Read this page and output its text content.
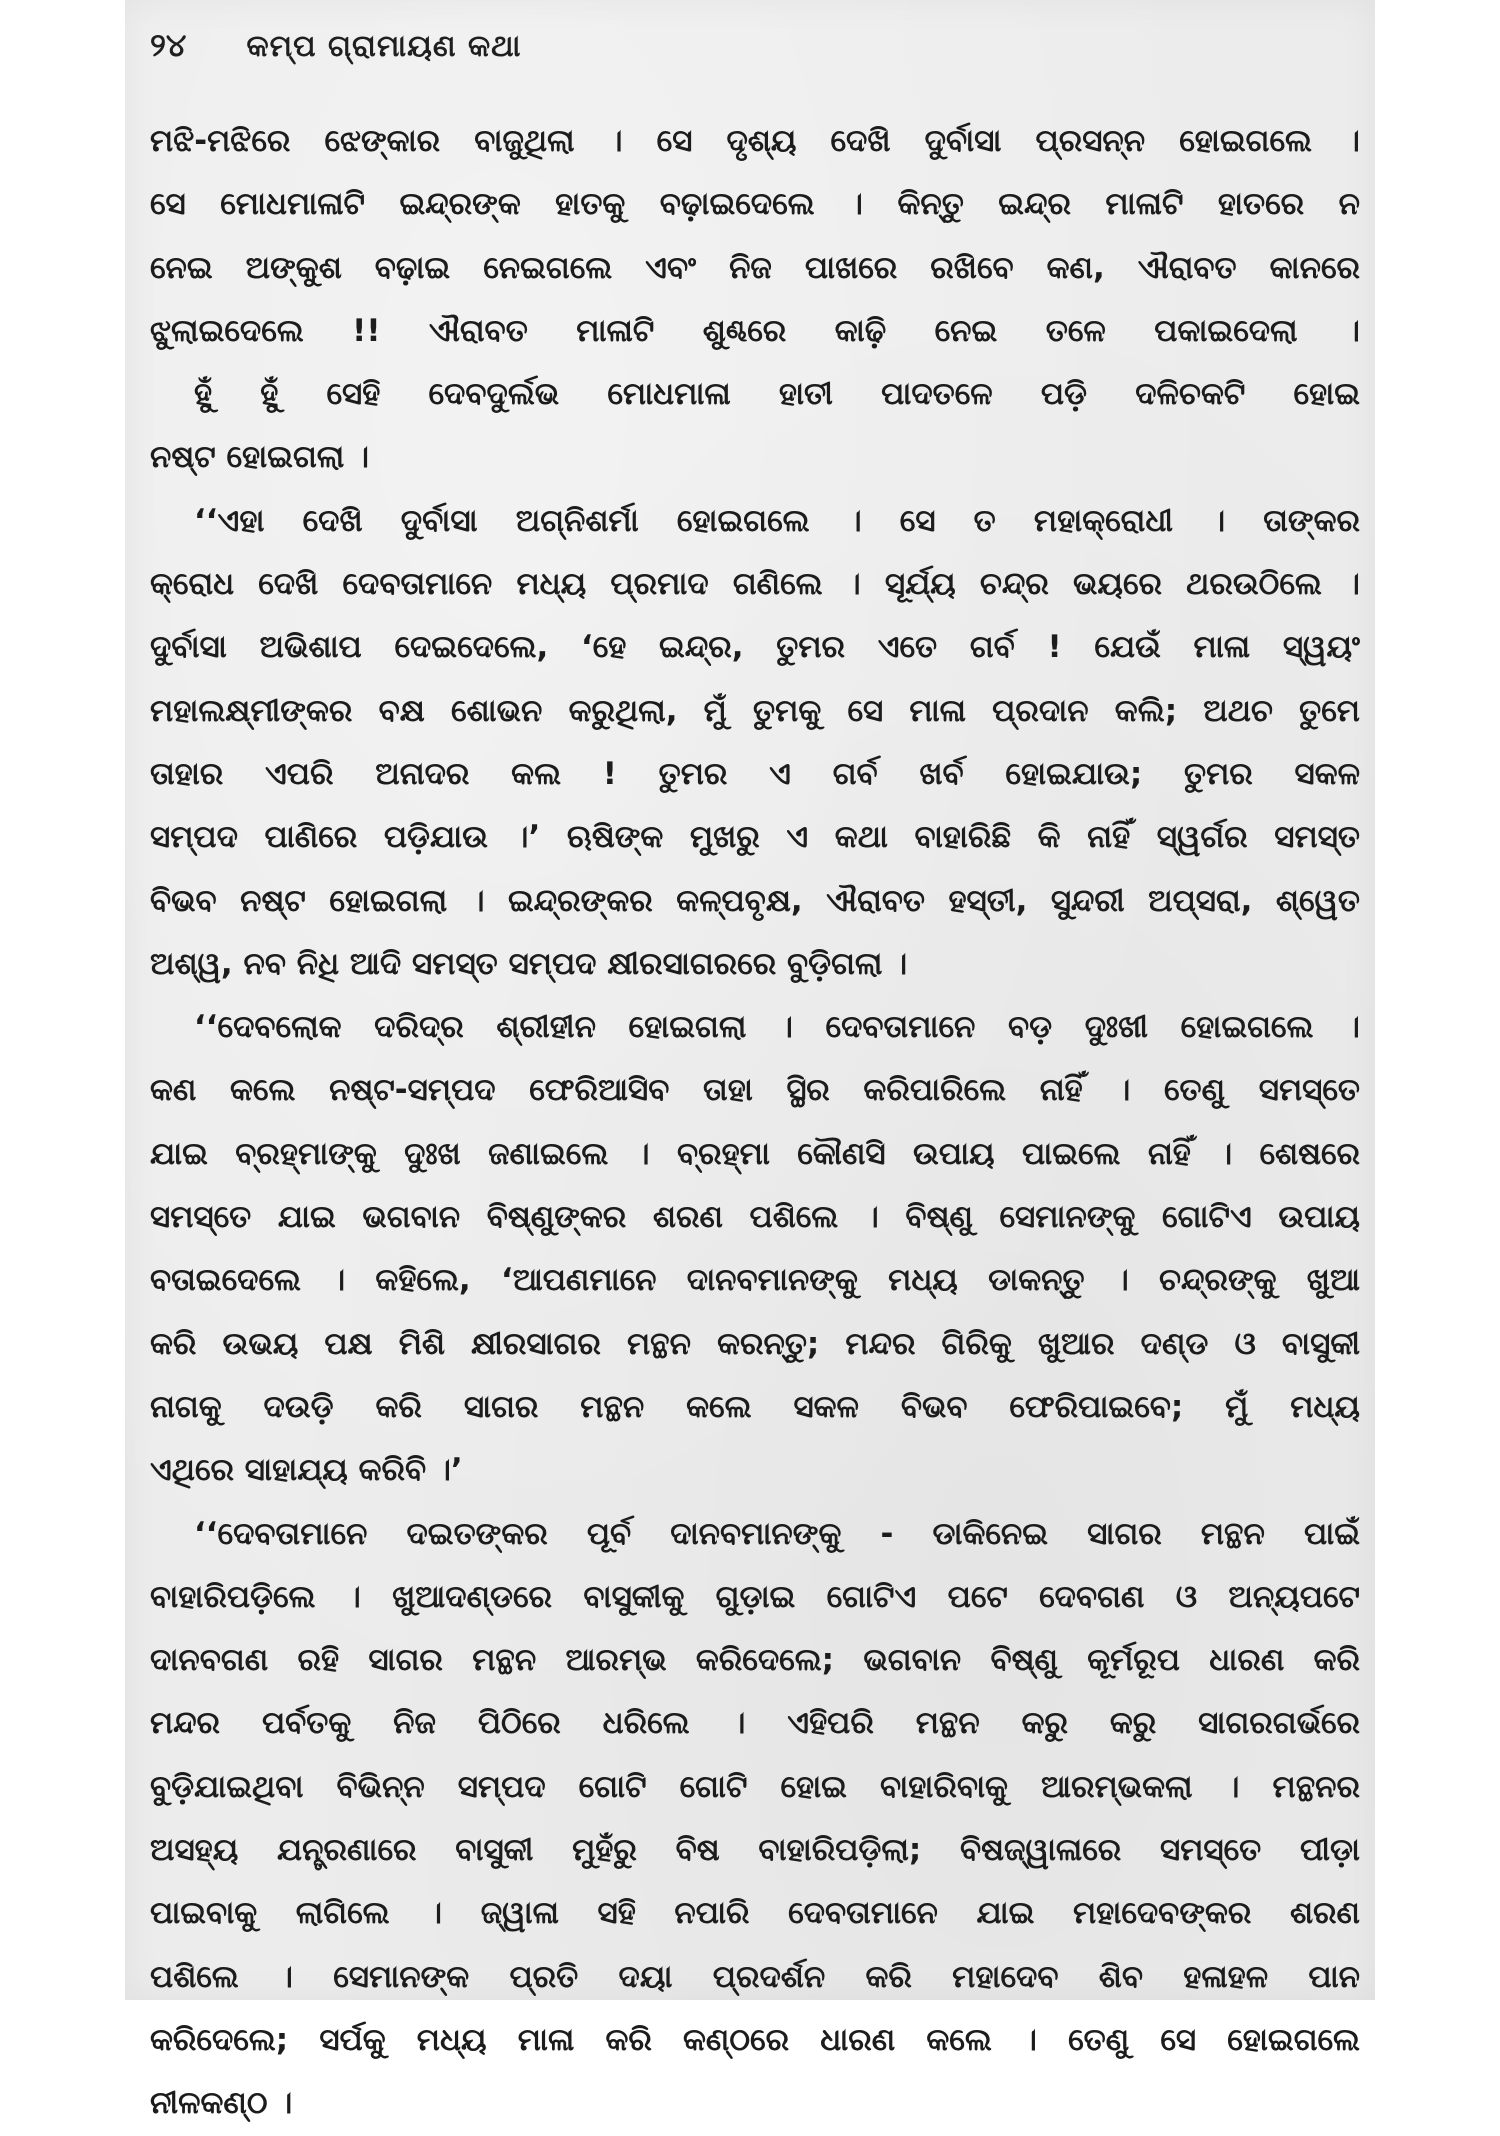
୨୪ କମ୍ପ ଗ୍ରାମାୟଣ କଥା
ମଝି-ମଝିରେ ଝେଙ୍କାର ବାଜୁଥିଲା । ସେ ଦୃଶ୍ୟ ଦେଖି ଦୁର୍ବାସା ପ୍ରସନ୍ନ ହୋଇଗଲେ ।
ସେ ମୋଧମାଳାଟି ଇନ୍ଦ୍ରଙ୍କ ହାତକୁ ବଢ଼ାଇଦେଲେ । କିନ୍ତୁ ଇନ୍ଦ୍ର ମାଳାଟି ହାତରେ ନ
ନେଇ ଅଙ୍କୁଶ ବଢ଼ାଇ ନେଇଗଲେ ଏବଂ ନିଜ ପାଖରେ ରଖିବେ କଣ, ଐରାବତ କାନରେ
ଝୁଲାଇଦେଲେ !! ଐରାବତ ମାଳାଟି ଶୁଣ୍ଢରେ କାଢ଼ି ନେଇ ତଳେ ପକାଇଦେଲା ।
ହୁଁ ହୁଁ ସେହି ଦେବଦୁର୍ଲଭ ମୋଧମାଳା ହାତୀ ପାଦତଳେ ପଡ଼ି ଦଳିଚକଟି ହୋଇ
ନଷ୍ଟ ହୋଇଗଲା ।
‘‘ଏହା ଦେଖି ଦୁର୍ବାସା ଅଗ୍ନିଶର୍ମା ହୋଇଗଲେ । ସେ ତ ମହାକ୍ରୋଧୀ । ତାଙ୍କର
କ୍ରୋଧ ଦେଖି ଦେବତାମାନେ ମଧ୍ୟ ପ୍ରମାଦ ଗଣିଲେ । ସୂର୍ଯ୍ୟ ଚନ୍ଦ୍ର ଭୟରେ ଥରଉଠିଲେ ।
ଦୁର୍ବାସା ଅଭିଶାପ ଦେଇଦେଲେ, ‘ହେ ଇନ୍ଦ୍ର, ତୁମର ଏତେ ଗର୍ବ ! ଯେଉଁ ମାଳା ସ୍ୱୟଂ
ମହାଲକ୍ଷ୍ମୀଙ୍କର ବକ୍ଷ ଶୋଭନ କରୁଥିଲା, ମୁଁ ତୁମକୁ ସେ ମାଳା ପ୍ରଦାନ କଲି; ଅଥଚ ତୁମେ
ତାହାର ଏପରି ଅନାଦର କଲ ! ତୁମର ଏ ଗର୍ବ ଖର୍ବ ହୋଇଯାଉ; ତୁମର ସକଳ
ସମ୍ପଦ ପାଣିରେ ପଡ଼ିଯାଉ ।’ ଋଷିଙ୍କ ମୁଖରୁ ଏ କଥା ବାହାରିଛି କି ନାହିଁ ସ୍ୱର୍ଗର ସମସ୍ତ
ବିଭବ ନଷ୍ଟ ହୋଇଗଲା । ଇନ୍ଦ୍ରଙ୍କର କଳ୍ପବୃକ୍ଷ, ଐରାବତ ହସ୍ତୀ, ସୁନ୍ଦରୀ ଅପ୍ସରା, ଶ୍ୱେତ
ଅଶ୍ୱ, ନବ ନିଧି ଆଦି ସମସ୍ତ ସମ୍ପଦ କ୍ଷୀରସାଗରରେ ବୁଡ଼ିଗଲା ।
‘‘ଦେବଲୋକ ଦରିଦ୍ର ଶ୍ରୀହୀନ ହୋଇଗଲା । ଦେବତାମାନେ ବଡ଼ ଦୁଃଖୀ ହୋଇଗଲେ ।
କଣ କଲେ ନଷ୍ଟ-ସମ୍ପଦ ଫେରିଆସିବ ତାହା ସ୍ଥିର କରିପାରିଲେ ନାହିଁ । ତେଣୁ ସମସ୍ତେ
ଯାଇ ବ୍ରହ୍ମାଙ୍କୁ ଦୁଃଖ ଜଣାଇଲେ । ବ୍ରହ୍ମା କୌଣସି ଉପାୟ ପାଇଲେ ନାହିଁ । ଶେଷରେ
ସମସ୍ତେ ଯାଇ ଭଗବାନ ବିଷ୍ଣୁଙ୍କର ଶରଣ ପଶିଲେ । ବିଷ୍ଣୁ ସେମାନଙ୍କୁ ଗୋଟିଏ ଉପାୟ
ବତାଇଦେଲେ । କହିଲେ, ‘ଆପଣମାନେ ଦାନବମାନଙ୍କୁ ମଧ୍ୟ ଡାକନ୍ତୁ । ଚନ୍ଦ୍ରଙ୍କୁ ଖୁଆ
କରି ଉଭୟ ପକ୍ଷ ମିଶି କ୍ଷୀରସାଗର ମନ୍ଥନ କରନ୍ତୁ; ମନ୍ଦର ଗିରିକୁ ଖୁଆର ଦଣ୍ଡ ଓ ବାସୁକୀ
ନାଗକୁ ଦଉଡ଼ି କରି ସାଗର ମନ୍ଥନ କଲେ ସକଳ ବିଭବ ଫେରିପାଇବେ; ମୁଁ ମଧ୍ୟ
ଏଥିରେ ସାହାଯ୍ୟ କରିବି ।’
‘‘ଦେବତାମାନେ ଦଇତଙ୍କର ପୂର୍ବ ଦାନବମାନଙ୍କୁ - ଡାକିନେଇ ସାଗର ମନ୍ଥନ ପାଇଁ
ବାହାରିପଡ଼ିଲେ । ଖୁଆଦଣ୍ଡରେ ବାସୁକୀକୁ ଗୁଡ଼ାଇ ଗୋଟିଏ ପଟେ ଦେବଗଣ ଓ ଅନ୍ୟପଟେ
ଦାନବଗଣ ରହି ସାଗର ମନ୍ଥନ ଆରମ୍ଭ କରିଦେଲେ; ଭଗବାନ ବିଷ୍ଣୁ କୂର୍ମରୂପ ଧାରଣ କରି
ମନ୍ଦର ପର୍ବତକୁ ନିଜ ପିଠିରେ ଧରିଲେ । ଏହିପରି ମନ୍ଥନ କରୁ କରୁ ସାଗରଗର୍ଭରେ
ବୁଡ଼ିଯାଇଥିବା ବିଭିନ୍ନ ସମ୍ପଦ ଗୋଟି ଗୋଟି ହୋଇ ବାହାରିବାକୁ ଆରମ୍ଭକଲା । ମନ୍ଥନର
ଅସହ୍ୟ ଯନ୍ତ୍ରଣାରେ ବାସୁକୀ ମୁହଁରୁ ବିଷ ବାହାରିପଡ଼ିଲା; ବିଷଜ୍ୱାଳାରେ ସମସ୍ତେ ପୀଡ଼ା
ପାଇବାକୁ ଲାଗିଲେ । ଜ୍ୱାଳା ସହି ନପାରି ଦେବତାମାନେ ଯାଇ ମହାଦେବଙ୍କର ଶରଣ
ପଶିଲେ । ସେମାନଙ୍କ ପ୍ରତି ଦୟା ପ୍ରଦର୍ଶନ କରି ମହାଦେବ ଶିବ ହଳାହଳ ପାନ
କରିଦେଲେ; ସର୍ପକୁ ମଧ୍ୟ ମାଳା କରି କଣ୍ଠରେ ଧାରଣ କଲେ । ତେଣୁ ସେ ହୋଇଗଲେ
ନୀଳକଣ୍ଠ ।
